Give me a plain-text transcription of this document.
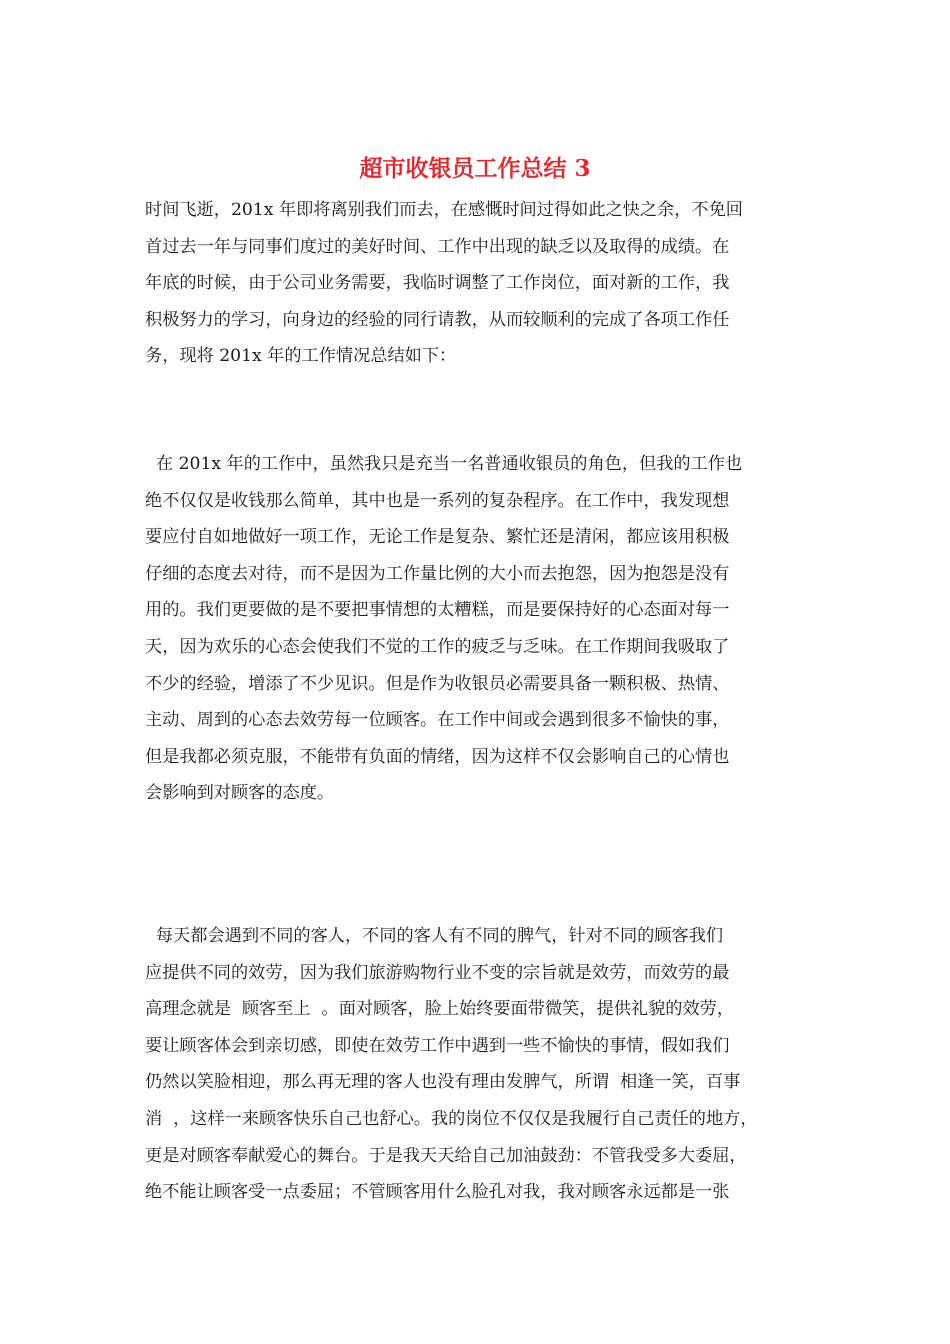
超市收银员工作总结 3
时间飞逝，201x 年即将离别我们而去，在感慨时间过得如此之快之余，不免回
首过去一年与同事们度过的美好时间、工作中出现的缺乏以及取得的成绩。在
年底的时候，由于公司业务需要，我临时调整了工作岗位，面对新的工作，我
积极努力的学习，向身边的经验的同行请教，从而较顺利的完成了各项工作任
务，现将 201x 年的工作情况总结如下：
在 201x 年的工作中，虽然我只是充当一名普通收银员的角色，但我的工作也
绝不仅仅是收钱那么简单，其中也是一系列的复杂程序。在工作中，我发现想
要应付自如地做好一项工作，无论工作是复杂、繁忙还是清闲，都应该用积极
仔细的态度去对待，而不是因为工作量比例的大小而去抱怨，因为抱怨是没有
用的。我们更要做的是不要把事情想的太糟糕，而是要保持好的心态面对每一
天，因为欢乐的心态会使我们不觉的工作的疲乏与乏味。在工作期间我吸取了
不少的经验，增添了不少见识。但是作为收银员必需要具备一颗积极、热情、
主动、周到的心态去效劳每一位顾客。在工作中间或会遇到很多不愉快的事，
但是我都必须克服，不能带有负面的情绪，因为这样不仅会影响自己的心情也
会影响到对顾客的态度。
每天都会遇到不同的客人，不同的客人有不同的脾气，针对不同的顾客我们
应提供不同的效劳，因为我们旅游购物行业不变的宗旨就是效劳，而效劳的最
高理念就是  顾客至上  。面对顾客，脸上始终要面带微笑，提供礼貌的效劳，
要让顾客体会到亲切感，即使在效劳工作中遇到一些不愉快的事情，假如我们
仍然以笑脸相迎，那么再无理的客人也没有理由发脾气，所谓  相逢一笑，百事
消  ，这样一来顾客快乐自己也舒心。我的岗位不仅仅是我履行自己责任的地方，
更是对顾客奉献爱心的舞台。于是我天天给自己加油鼓劲：不管我受多大委屈，
绝不能让顾客受一点委屈；不管顾客用什么脸孔对我，我对顾客永远都是一张
